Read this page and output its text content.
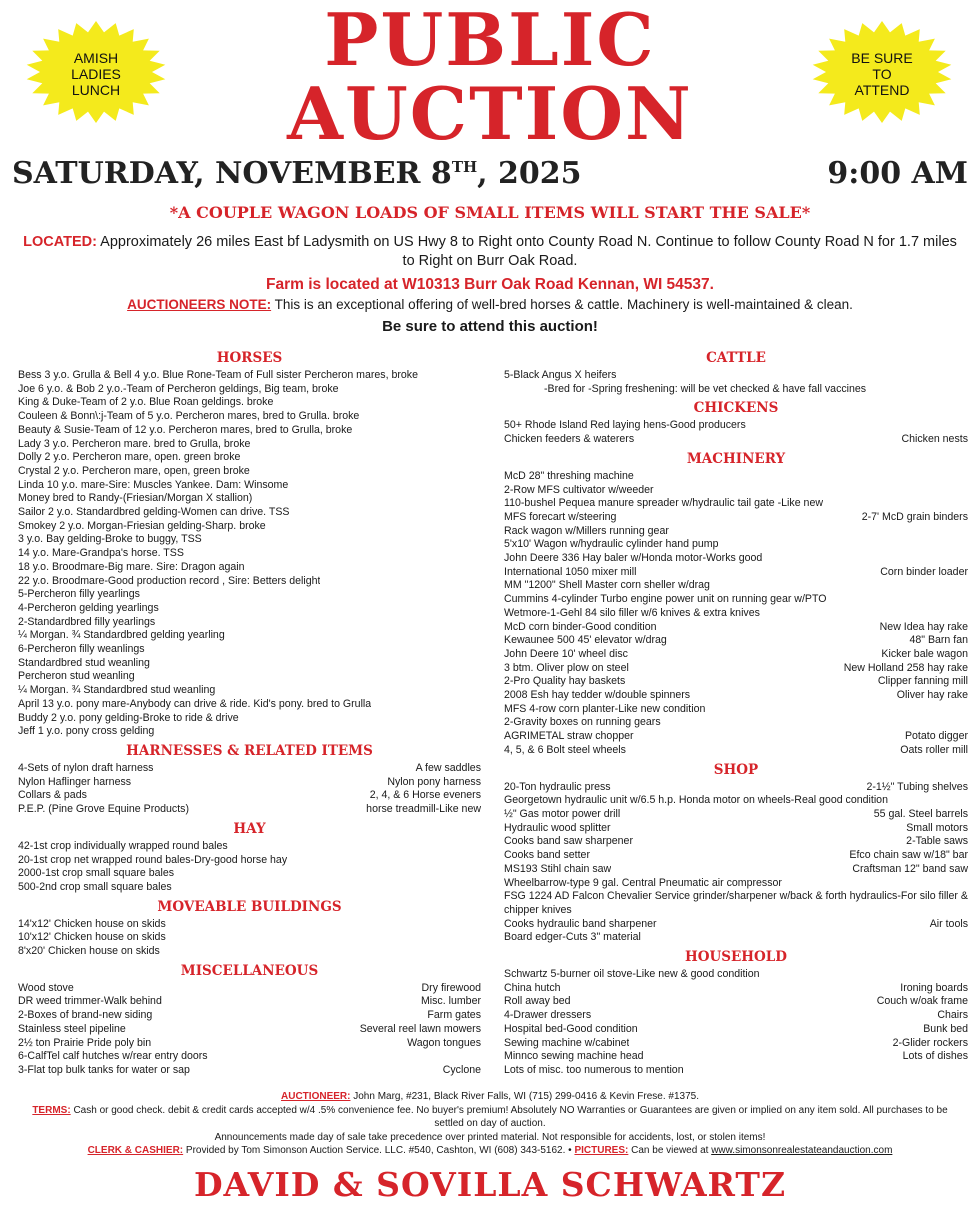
PUBLIC
AUCTION
AMISH
LADIES
LUNCH
BE SURE
TO
ATTEND
SATURDAY, NOVEMBER 8TH, 2025	9:00 AM
*A COUPLE WAGON LOADS OF SMALL ITEMS WILL START THE SALE*
LOCATED: Approximately 26 miles East bf Ladysmith on US Hwy 8 to Right onto County Road N. Continue to follow County Road N for 1.7 miles to Right on Burr Oak Road.
Farm is located at W10313 Burr Oak Road Kennan, WI 54537.
AUCTIONEERS NOTE: This is an exceptional offering of well-bred horses & cattle. Machinery is well-maintained & clean.
Be sure to attend this auction!
HORSES
Bess 3 y.o. Grulla & Bell 4 y.o. Blue Rone-Team of Full sister Percheron mares, broke
Joe 6 y.o. & Bob 2 y.o.-Team of Percheron geldings, Big team, broke
King & Duke-Team of 2 y.o. Blue Roan geldings. broke
Couleen & Bonn\:j-Team of 5 y.o. Percheron mares, bred to Grulla. broke
Beauty & Susie-Team of 12 y.o. Percheron mares, bred to Grulla, broke
Lady 3 y.o. Percheron mare. bred to Grulla, broke
Dolly 2 y.o. Percheron mare, open. green broke
Crystal 2 y.o. Percheron mare, open, green broke
Linda 10 y.o. mare-Sire: Muscles Yankee. Dam: Winsome
Money bred to Randy-(Friesian/Morgan X stallion)
Sailor 2 y.o. Standardbred gelding-Women can drive. TSS
Smokey 2 y.o. Morgan-Friesian gelding-Sharp. broke
3 y.o. Bay gelding-Broke to buggy, TSS
14 y.o. Mare-Grandpa's horse. TSS
18 y.o. Broodmare-Big mare. Sire: Dragon again
22 y.o. Broodmare-Good production record , Sire: Betters delight
5-Percheron filly yearlings
4-Percheron gelding yearlings
2-Standardbred filly yearlings
¼ Morgan. ¾ Standardbred gelding yearling
6-Percheron filly weanlings
Standardbred stud weanling
Percheron stud weanling
¼ Morgan. ¾ Standardbred stud weanling
April 13 y.o. pony mare-Anybody can drive & ride. Kid's pony. bred to Grulla
Buddy 2 y.o. pony gelding-Broke to ride & drive
Jeff 1 y.o. pony cross gelding
HARNESSES & RELATED ITEMS
4-Sets of nylon draft harness	A few saddles
Nylon Haflinger harness	Nylon pony harness
Collars & pads	2, 4, & 6 Horse eveners
P.E.P. (Pine Grove Equine Products)	horse treadmill-Like new
HAY
42-1st crop individually wrapped round bales
20-1st crop net wrapped round bales-Dry-good horse hay
2000-1st crop small square bales
500-2nd crop small square bales
MOVEABLE BUILDINGS
14'x12' Chicken house on skids
10'x12' Chicken house on skids
8'x20' Chicken house on skids
MISCELLANEOUS
Wood stove	Dry firewood
DR weed trimmer-Walk behind	Misc. lumber
2-Boxes of brand-new siding	Farm gates
Stainless steel pipeline	Several reel lawn mowers
2½ ton Prairie Pride poly bin	Wagon tongues
6-CalfTel calf hutches w/rear entry doors
3-Flat top bulk tanks for water or sap	Cyclone
CATTLE
5-Black Angus X heifers
-Bred for -Spring freshening: will be vet checked & have fall vaccines
CHICKENS
50+ Rhode Island Red laying hens-Good producers
Chicken feeders & waterers	Chicken nests
MACHINERY
McD 28" threshing machine
2-Row MFS cultivator w/weeder
110-bushel Pequea manure spreader w/hydraulic tail gate -Like new
MFS forecart w/steering	2-7' McD grain binders
Rack wagon w/Millers running gear
5'x10' Wagon w/hydraulic cylinder hand pump
John Deere 336 Hay baler w/Honda motor-Works good
International 1050 mixer mill	Corn binder loader
MM "1200" Shell Master corn sheller w/drag
Cummins 4-cylinder Turbo engine power unit on running gear w/PTO
Wetmore-1-Gehl 84 silo filler w/6 knives & extra knives
McD corn binder-Good condition	New Idea hay rake
Kewaunee 500 45' elevator w/drag	48" Barn fan
John Deere 10' wheel disc	Kicker bale wagon
3 btm. Oliver plow on steel	New Holland 258 hay rake
2-Pro Quality hay baskets	Clipper fanning mill
2008 Esh hay tedder w/double spinners	Oliver hay rake
MFS 4-row corn planter-Like new condition
2-Gravity boxes on running gears
AGRIMETAL straw chopper	Potato digger
4, 5, & 6 Bolt steel wheels	Oats roller mill
SHOP
20-Ton hydraulic press	2-1½" Tubing shelves
Georgetown hydraulic unit w/6.5 h.p. Honda motor on wheels-Real good condition
½" Gas motor power drill	55 gal. Steel barrels
Hydraulic wood splitter	Small motors
Cooks band saw sharpener	2-Table saws
Cooks band setter	Efco chain saw w/18" bar
MS193 Stihl chain saw	Craftsman 12" band saw
Wheelbarrow-type 9 gal. Central Pneumatic air compressor
FSG 1224 AD Falcon Chevalier Service grinder/sharpener w/back & forth hydraulics-For silo filler & chipper knives
Cooks hydraulic band sharpener	Air tools
Board edger-Cuts 3" material
HOUSEHOLD
Schwartz 5-burner oil stove-Like new & good condition
China hutch	Ironing boards
Roll away bed	Couch w/oak frame
4-Drawer dressers	Chairs
Hospital bed-Good condition	Bunk bed
Sewing machine w/cabinet	2-Glider rockers
Minnco sewing machine head	Lots of dishes
Lots of misc. too numerous to mention
AUCTIONEER: John Marg, #231, Black River Falls, WI (715) 299-0416 & Kevin Frese. #1375.
TERMS: Cash or good check. debit & credit cards accepted w/4 .5% convenience fee. No buyer's premium! Absolutely NO Warranties or Guarantees are given or implied on any item sold. All purchases to be settled on day of auction.
Announcements made day of sale take precedence over printed material. Not responsible for accidents, lost, or stolen items!
CLERK & CASHIER: Provided by Tom Simonson Auction Service. LLC. #540, Cashton, WI (608) 343-5162. • PICTURES: Can be viewed at www.simonsonrealestateandauction.com
DAVID & SOVILLA SCHWARTZ
